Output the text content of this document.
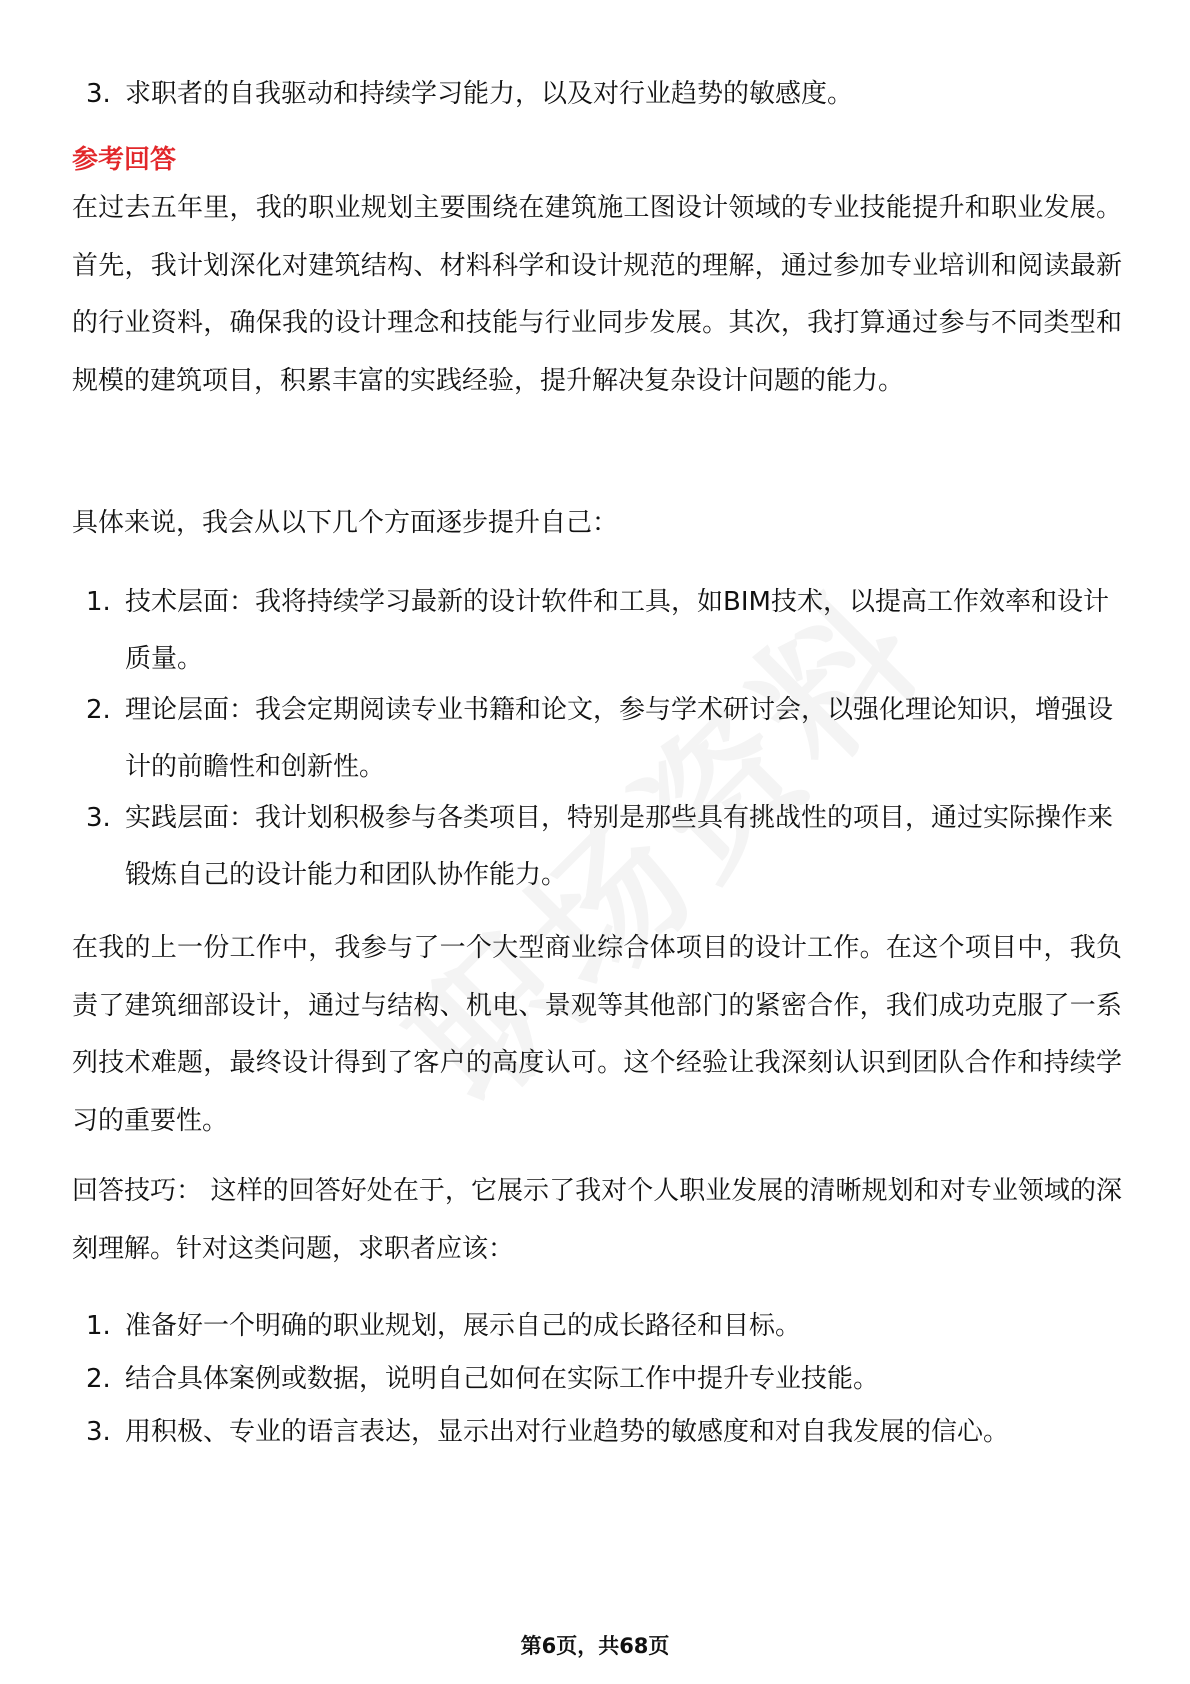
3. 求职者的自我驱动和持续学习能力，以及对行业趋势的敏感度。
参考回答

在过去五年里，我的职业规划主要围绕在建筑施工图设计领域的专业技能提升和职业发展。首先，我计划深化对建筑结构、材料科学和设计规范的理解，通过参加专业培训和阅读最新的行业资料，确保我的设计理念和技能与行业同步发展。其次，我打算通过参与不同类型和规模的建筑项目，积累丰富的实践经验，提升解决复杂设计问题的能力。

具体来说，我会从以下几个方面逐步提升自己：

1. 技术层面：我将持续学习最新的设计软件和工具，如BIM技术，以提高工作效率和设计质量。
2. 理论层面：我会定期阅读专业书籍和论文，参与学术研讨会，以强化理论知识，增强设计的前瞻性和创新性。
3. 实践层面：我计划积极参与各类项目，特别是那些具有挑战性的项目，通过实际操作来锻炼自己的设计能力和团队协作能力。

在我的上一份工作中，我参与了一个大型商业综合体项目的设计工作。在这个项目中，我负责了建筑细部设计，通过与结构、机电、景观等其他部门的紧密合作，我们成功克服了一系列技术难题，最终设计得到了客户的高度认可。这个经验让我深刻认识到团队合作和持续学习的重要性。

回答技巧： 这样的回答好处在于，它展示了我对个人职业发展的清晰规划和对专业领域的深刻理解。针对这类问题，求职者应该：

1. 准备好一个明确的职业规划，展示自己的成长路径和目标。
2. 结合具体案例或数据，说明自己如何在实际工作中提升专业技能。
3. 用积极、专业的语言表达，显示出对行业趋势的敏感度和对自我发展的信心。
第6页，共68页
